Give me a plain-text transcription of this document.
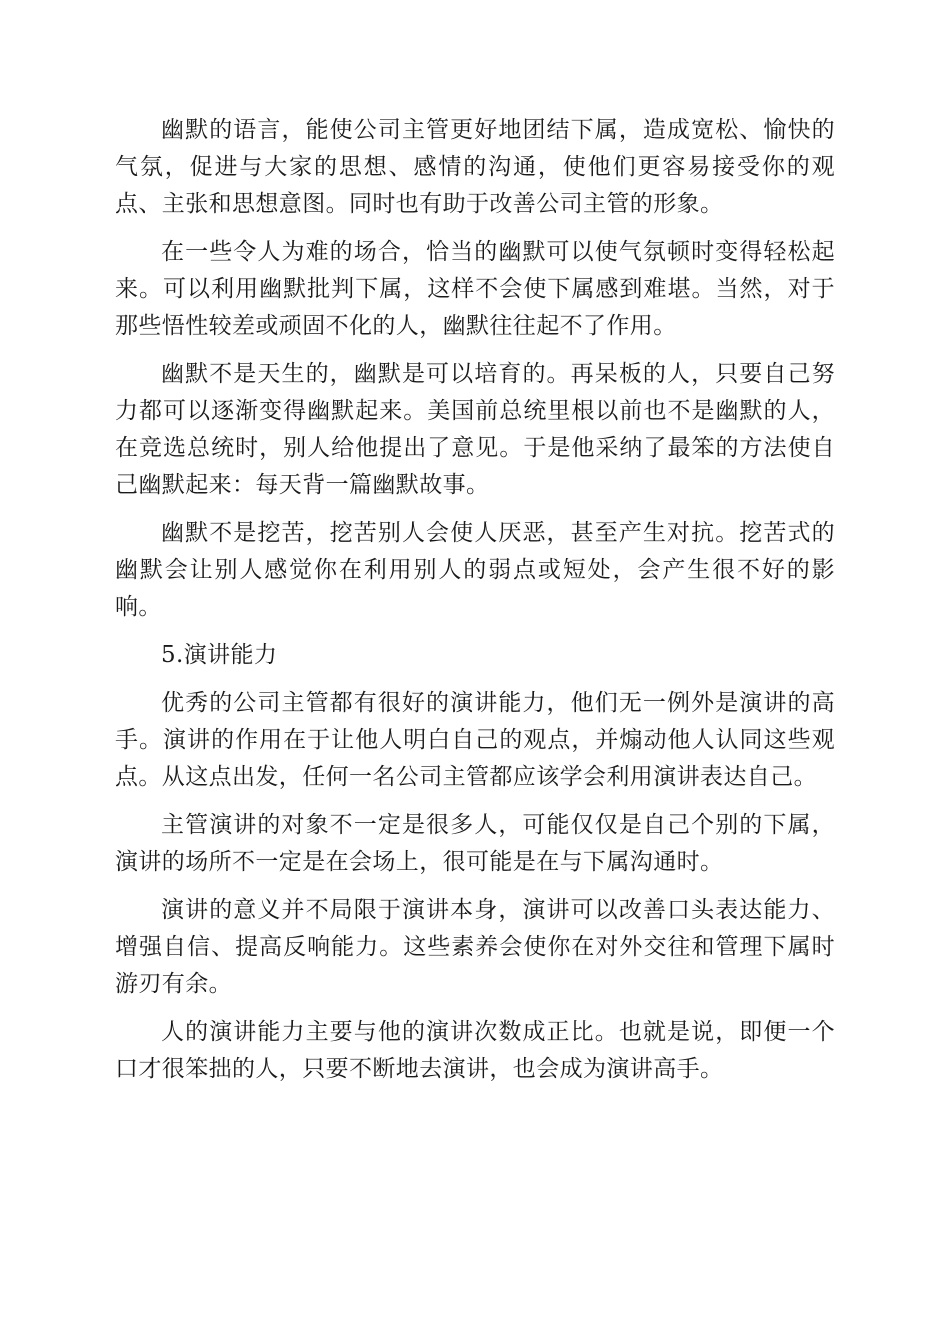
幽默的语言，能使公司主管更好地团结下属，造成宽松、愉快的气氛，促进与大家的思想、感情的沟通，使他们更容易接受你的观点、主张和思想意图。同时也有助于改善公司主管的形象。

在一些令人为难的场合，恰当的幽默可以使气氛顿时变得轻松起来。可以利用幽默批判下属，这样不会使下属感到难堪。当然，对于那些悟性较差或顽固不化的人，幽默往往起不了作用。

幽默不是天生的，幽默是可以培育的。再呆板的人，只要自己努力都可以逐渐变得幽默起来。美国前总统里根以前也不是幽默的人，在竞选总统时，别人给他提出了意见。于是他采纳了最笨的方法使自己幽默起来：每天背一篇幽默故事。

幽默不是挖苦，挖苦别人会使人厌恶，甚至产生对抗。挖苦式的幽默会让别人感觉你在利用别人的弱点或短处，会产生很不好的影响。

5.演讲能力

优秀的公司主管都有很好的演讲能力，他们无一例外是演讲的高手。演讲的作用在于让他人明白自己的观点，并煽动他人认同这些观点。从这点出发，任何一名公司主管都应该学会利用演讲表达自己。

主管演讲的对象不一定是很多人，可能仅仅是自己个别的下属，演讲的场所不一定是在会场上，很可能是在与下属沟通时。

演讲的意义并不局限于演讲本身，演讲可以改善口头表达能力、增强自信、提高反响能力。这些素养会使你在对外交往和管理下属时游刃有余。

人的演讲能力主要与他的演讲次数成正比。也就是说，即便一个口才很笨拙的人，只要不断地去演讲，也会成为演讲高手。
